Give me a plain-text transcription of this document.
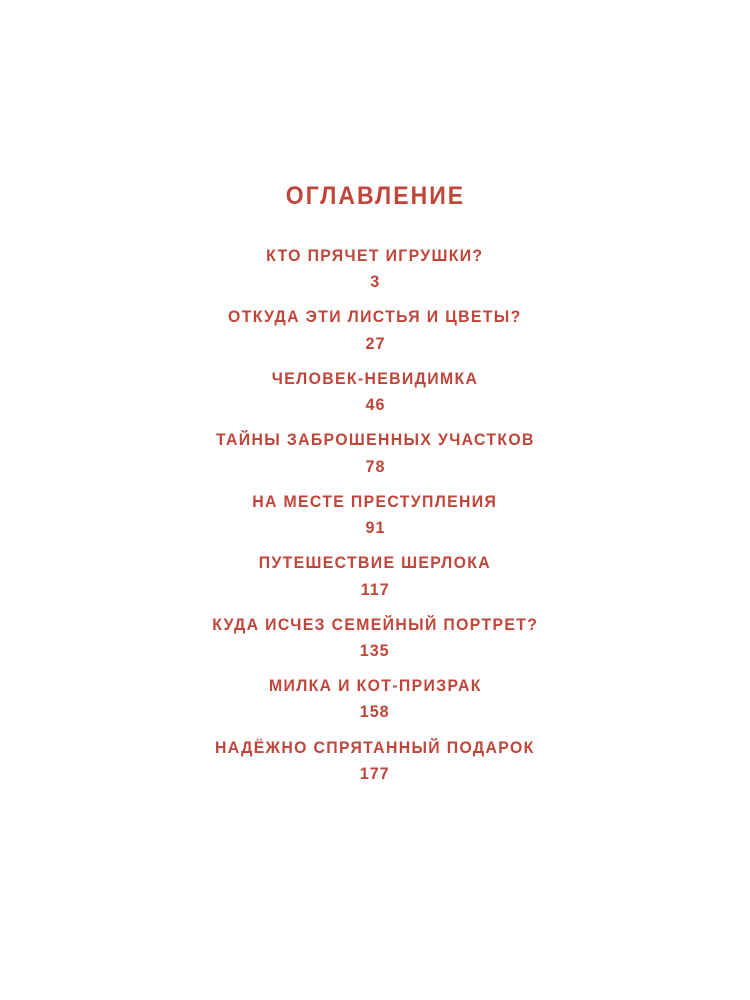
ОГЛАВЛЕНИЕ
КТО ПРЯЧЕТ ИГРУШКИ?
3
ОТКУДА ЭТИ ЛИСТЬЯ И ЦВЕТЫ?
27
ЧЕЛОВЕК-НЕВИДИМКА
46
ТАЙНЫ ЗАБРОШЕННЫХ УЧАСТКОВ
78
НА МЕСТЕ ПРЕСТУПЛЕНИЯ
91
ПУТЕШЕСТВИЕ ШЕРЛОКА
117
КУДА ИСЧЕЗ СЕМЕЙНЫЙ ПОРТРЕТ?
135
МИЛКА И КОТ-ПРИЗРАК
158
НАДЁЖНО СПРЯТАННЫЙ ПОДАРОК
177
